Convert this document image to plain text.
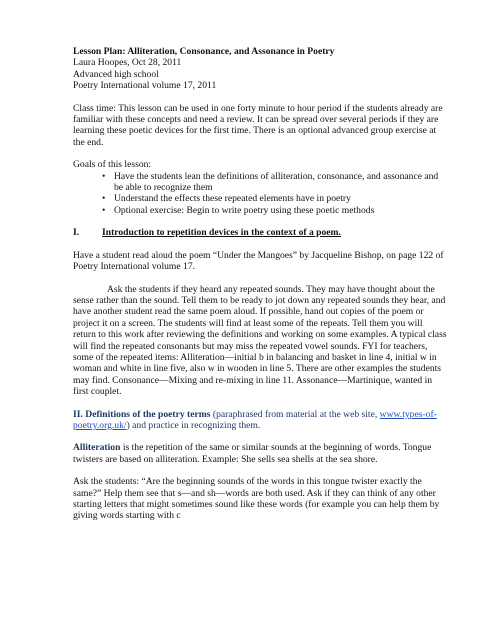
Lesson Plan: Alliteration, Consonance, and Assonance in Poetry

Laura Hoopes, Oct 28, 2011

Advanced high school

Poetry International volume 17, 2011

Class time: This lesson can be used in one forty minute to hour period if the students already are familiar with these concepts and need a review. It can be spread over several periods if they are learning these poetic devices for the first time. There is an optional advanced group exercise at the end.

Goals of this lesson:

• Have the students lean the definitions of alliteration, consonance, and assonance and be able to recognize them
• Understand the effects these repeated elements have in poetry
• Optional exercise: Begin to write poetry using these poetic methods
I.	Introduction to repetition devices in the context of a poem.

Have a student read aloud the poem “Under the Mangoes” by Jacqueline Bishop, on page 122 of Poetry International volume 17.

Ask the students if they heard any repeated sounds. They may have thought about the sense rather than the sound. Tell them to be ready to jot down any repeated sounds they hear, and have another student read the same poem aloud. If possible, hand out copies of the poem or project it on a screen. The students will find at least some of the repeats. Tell them you will return to this work after reviewing the definitions and working on some examples. A typical class will find the repeated consonants but may miss the repeated vowel sounds. FYI for teachers, some of the repeated items: Alliteration—initial b in balancing and basket in line 4, initial w in woman and white in line five, also w in wooden in line 5. There are other examples the students may find. Consonance—Mixing and re-mixing in line 11. Assonance—Martinique, wanted in first couplet.

II. Definitions of the poetry terms (paraphrased from material at the web site, www.types-of-poetry.org.uk/) and practice in recognizing them.

Alliteration is the repetition of the same or similar sounds at the beginning of words. Tongue twisters are based on alliteration. Example: She sells sea shells at the sea shore.

Ask the students: “Are the beginning sounds of the words in this tongue twister exactly the same?” Help them see that s—and sh—words are both used. Ask if they can think of any other starting letters that might sometimes sound like these words (for example you can help them by giving words starting with c
